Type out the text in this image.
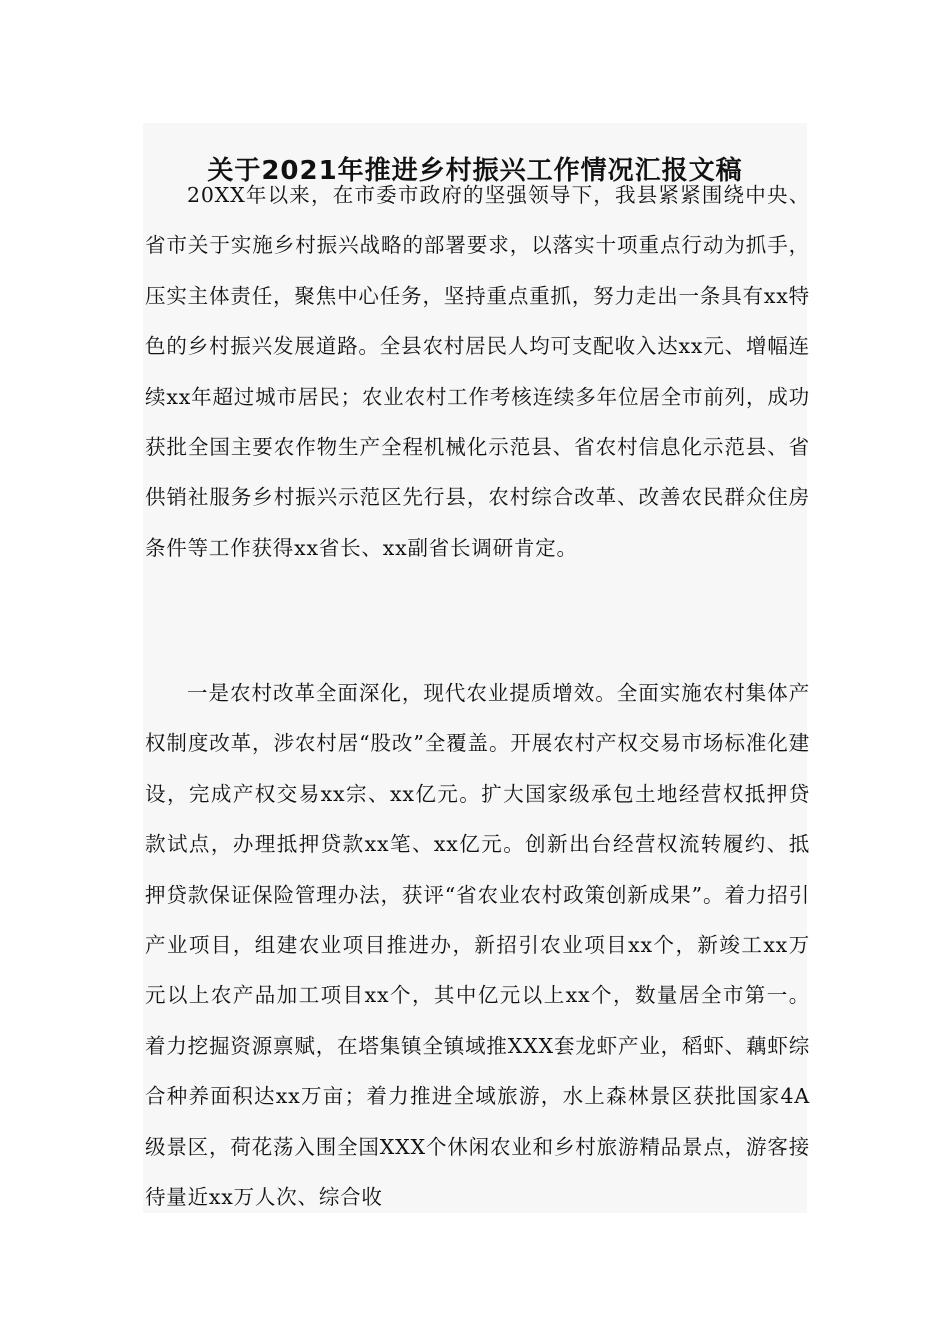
关于2021年推进乡村振兴工作情况汇报文稿

20XX年以来，在市委市政府的坚强领导下，我县紧紧围绕中央、省市关于实施乡村振兴战略的部署要求，以落实十项重点行动为抓手，压实主体责任，聚焦中心任务，坚持重点重抓，努力走出一条具有xx特色的乡村振兴发展道路。全县农村居民人均可支配收入达xx元、增幅连续xx年超过城市居民；农业农村工作考核连续多年位居全市前列，成功获批全国主要农作物生产全程机械化示范县、省农村信息化示范县、省供销社服务乡村振兴示范区先行县，农村综合改革、改善农民群众住房条件等工作获得xx省长、xx副省长调研肯定。

一是农村改革全面深化，现代农业提质增效。全面实施农村集体产权制度改革，涉农村居“股改”全覆盖。开展农村产权交易市场标准化建设，完成产权交易xx宗、xx亿元。扩大国家级承包土地经营权抵押贷款试点，办理抵押贷款xx笔、xx亿元。创新出台经营权流转履约、抵押贷款保证保险管理办法，获评“省农业农村政策创新成果”。着力招引产业项目，组建农业项目推进办，新招引农业项目xx个，新竣工xx万元以上农产品加工项目xx个，其中亿元以上xx个，数量居全市第一。着力挖掘资源禀赋，在塔集镇全镇域推XXX套龙虾产业，稻虾、藕虾综合种养面积达xx万亩；着力推进全域旅游，水上森林景区获批国家4A级景区，荷花荡入围全国XXX个休闲农业和乡村旅游精品景点，游客接待量近xx万人次、综合收
